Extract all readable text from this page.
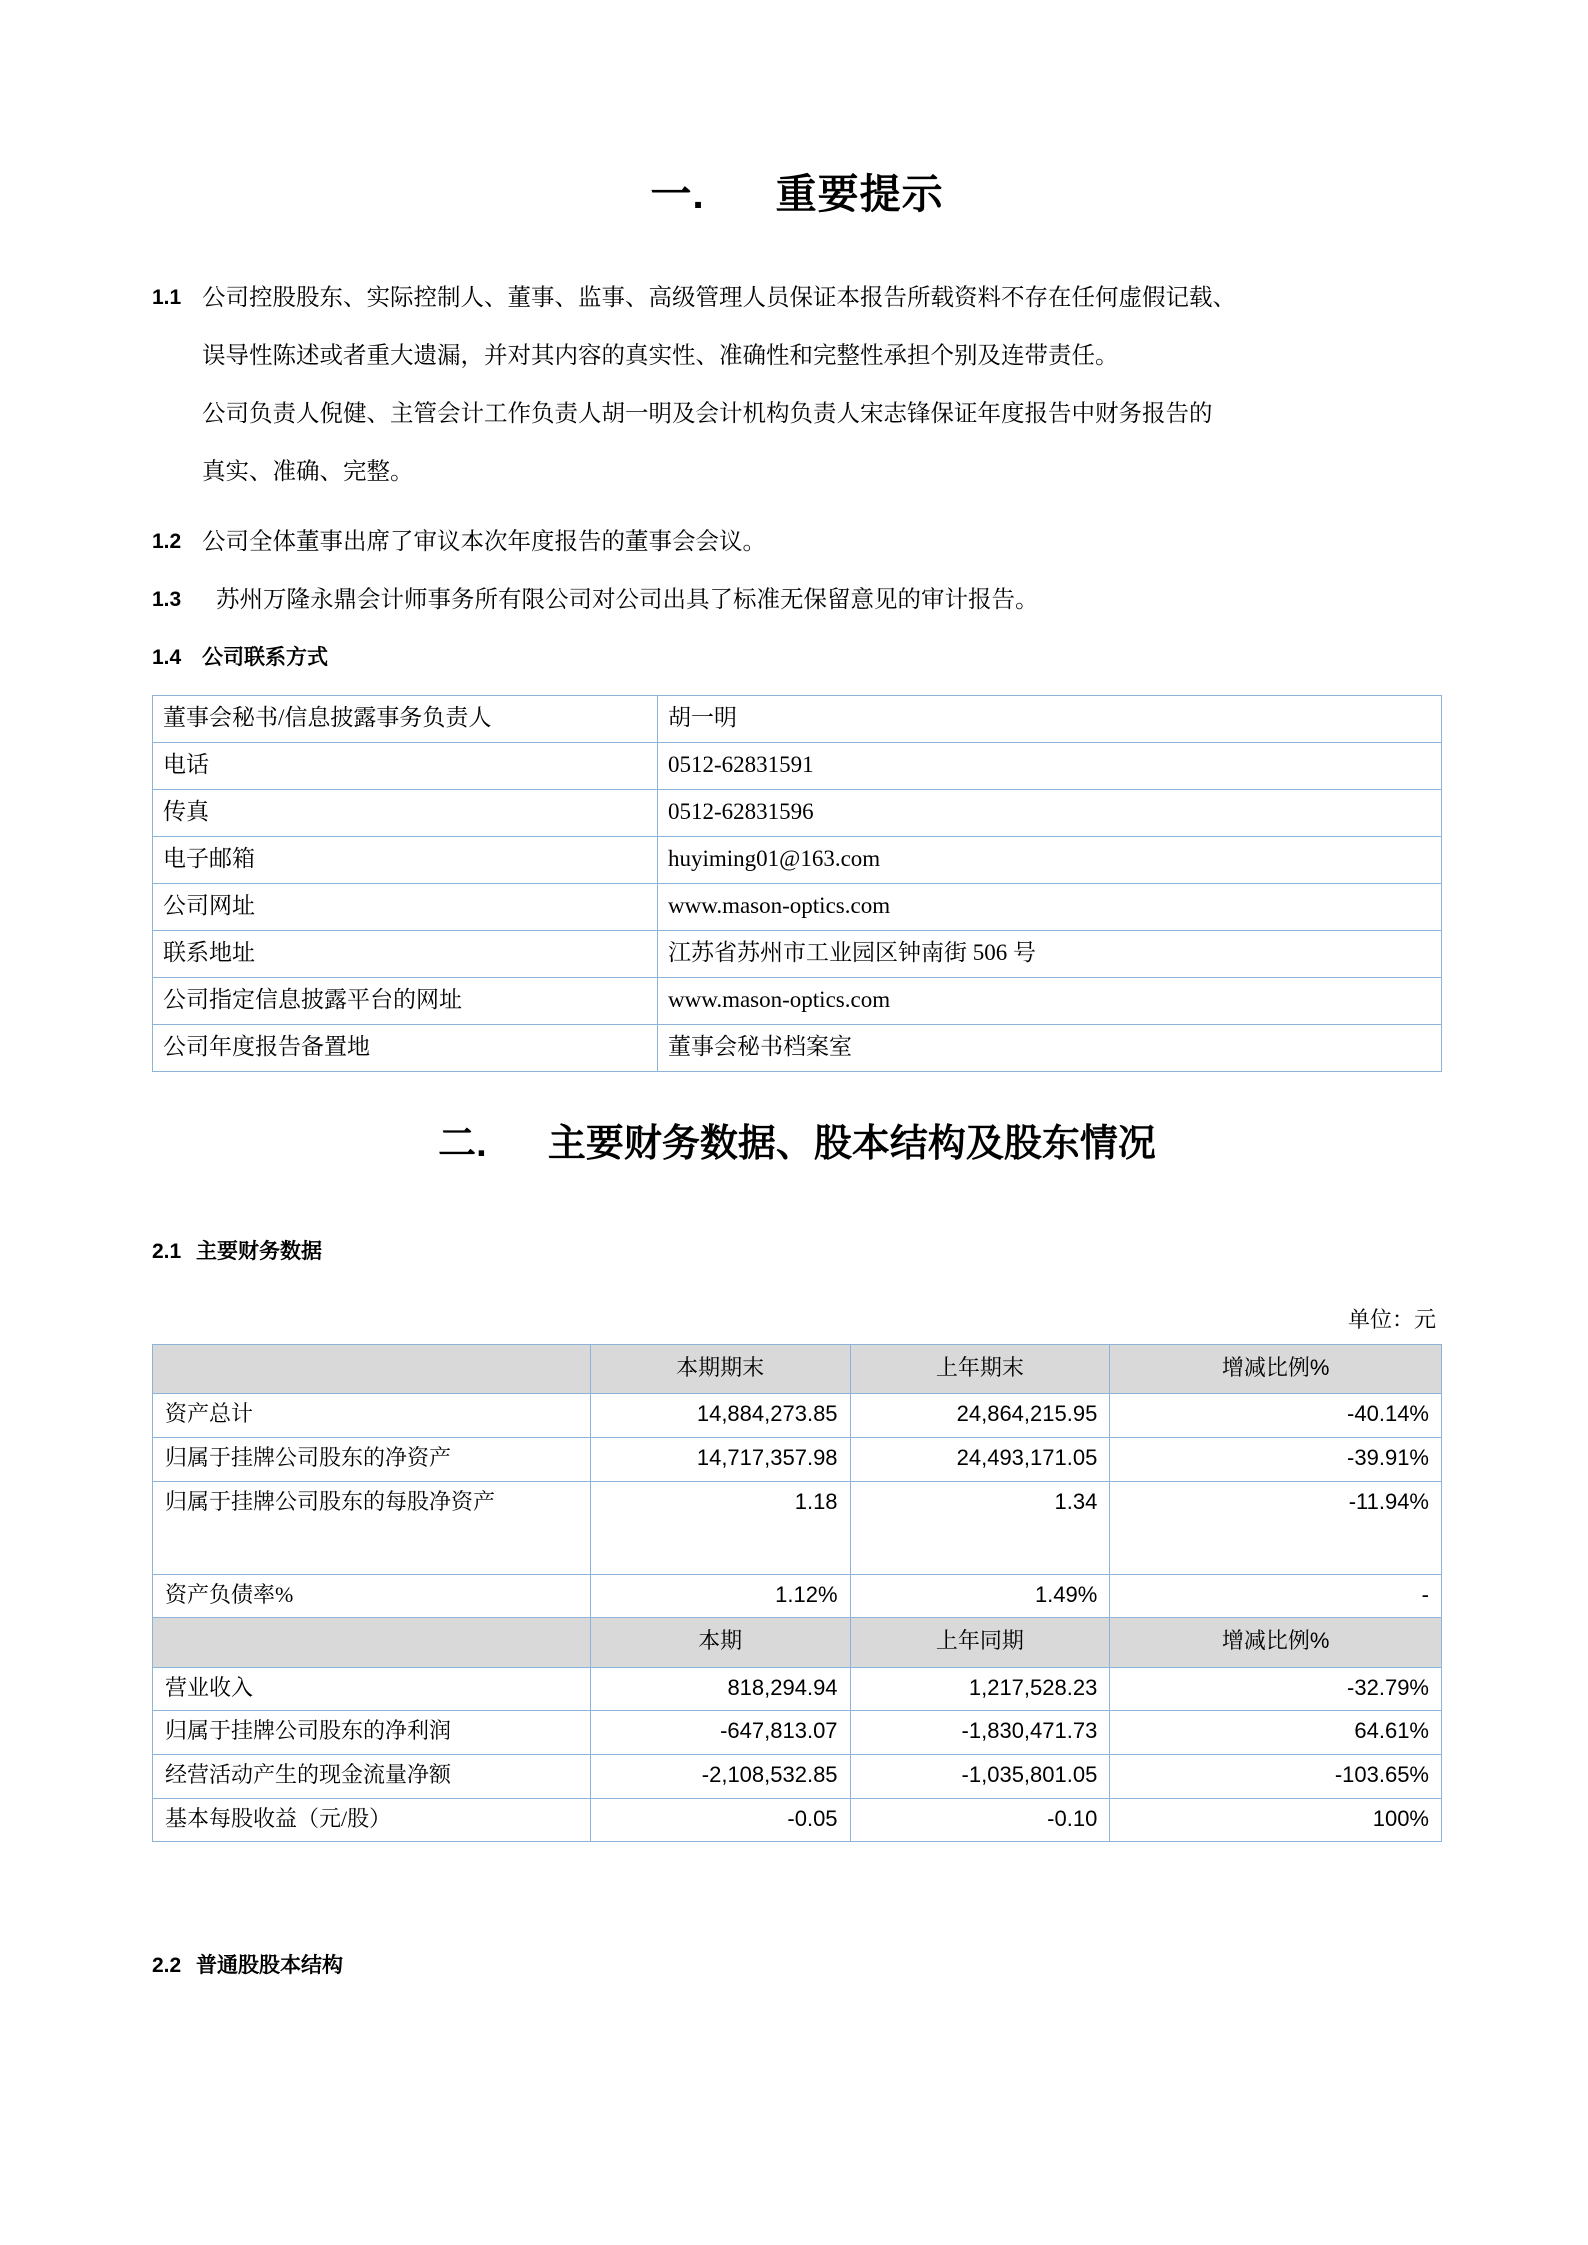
一. 重要提示
1.1 公司控股股东、实际控制人、董事、监事、高级管理人员保证本报告所载资料不存在任何虚假记载、
误导性陈述或者重大遗漏，并对其内容的真实性、准确性和完整性承担个别及连带责任。
公司负责人倪健、主管会计工作负责人胡一明及会计机构负责人宋志锋保证年度报告中财务报告的
真实、准确、完整。
1.2 公司全体董事出席了审议本次年度报告的董事会会议。
1.3	苏州万隆永鼎会计师事务所有限公司对公司出具了标准无保留意见的审计报告。
1.4 公司联系方式
董事会秘书/信息披露事务负责人	胡一明
电话	0512-62831591
传真	0512-62831596
电子邮箱	huyiming01@163.com
公司网址	www.mason-optics.com
联系地址	江苏省苏州市工业园区钟南街 506 号
公司指定信息披露平台的网址	www.mason-optics.com
公司年度报告备置地	董事会秘书档案室
二. 主要财务数据、股本结构及股东情况
2.1 主要财务数据

单位：元

	本期期末	上年期末	增减比例%
资产总计	14,884,273.85	24,864,215.95	-40.14%
归属于挂牌公司股东的净资产	14,717,357.98	24,493,171.05	-39.91%
归属于挂牌公司股东的每股净资产	1.18	1.34	-11.94%
资产负债率%	1.12%	1.49%	-
	本期	上年同期	增减比例%
营业收入	818,294.94	1,217,528.23	-32.79%
归属于挂牌公司股东的净利润	-647,813.07	-1,830,471.73	64.61%
经营活动产生的现金流量净额	-2,108,532.85	-1,035,801.05	-103.65%
基本每股收益（元/股）	-0.05	-0.10	100%
2.2 普通股股本结构
